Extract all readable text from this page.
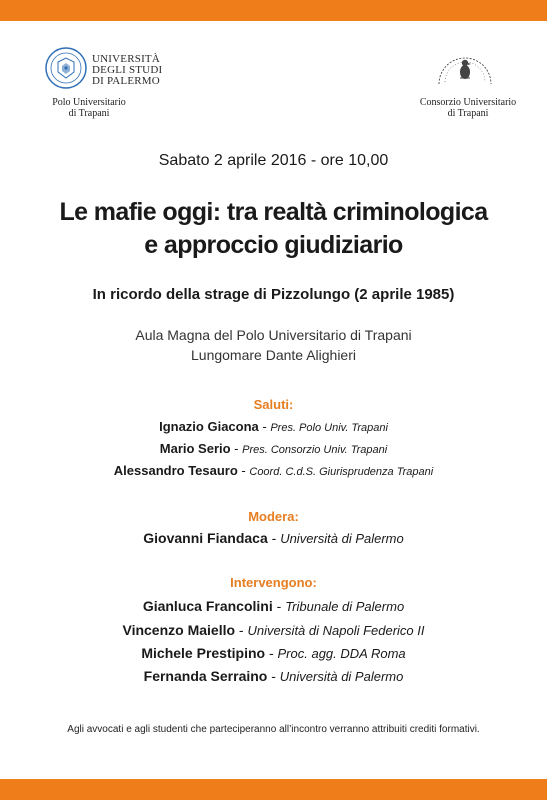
UNIVERSITÀ
DEGLI STUDI
DI PALERMO
Polo Universitario
di Trapani
Consorzio Universitario
di Trapani
Sabato 2 aprile 2016 - ore 10,00
Le mafie oggi: tra realtà criminologica
e approccio giudiziario
In ricordo della strage di Pizzolungo (2 aprile 1985)
Aula Magna del Polo Universitario di Trapani
Lungomare Dante Alighieri
Saluti:
Ignazio Giacona - Pres. Polo Univ. Trapani
Mario Serio - Pres. Consorzio Univ. Trapani
Alessandro Tesauro - Coord. C.d.S. Giurisprudenza Trapani
Modera:
Giovanni Fiandaca - Università di Palermo
Intervengono:
Gianluca Francolini - Tribunale di Palermo
Vincenzo Maiello - Università di Napoli Federico II
Michele Prestipino - Proc. agg. DDA Roma
Fernanda Serraino - Università di Palermo
Agli avvocati e agli studenti che parteciperanno all’incontro verranno attribuiti crediti formativi.
